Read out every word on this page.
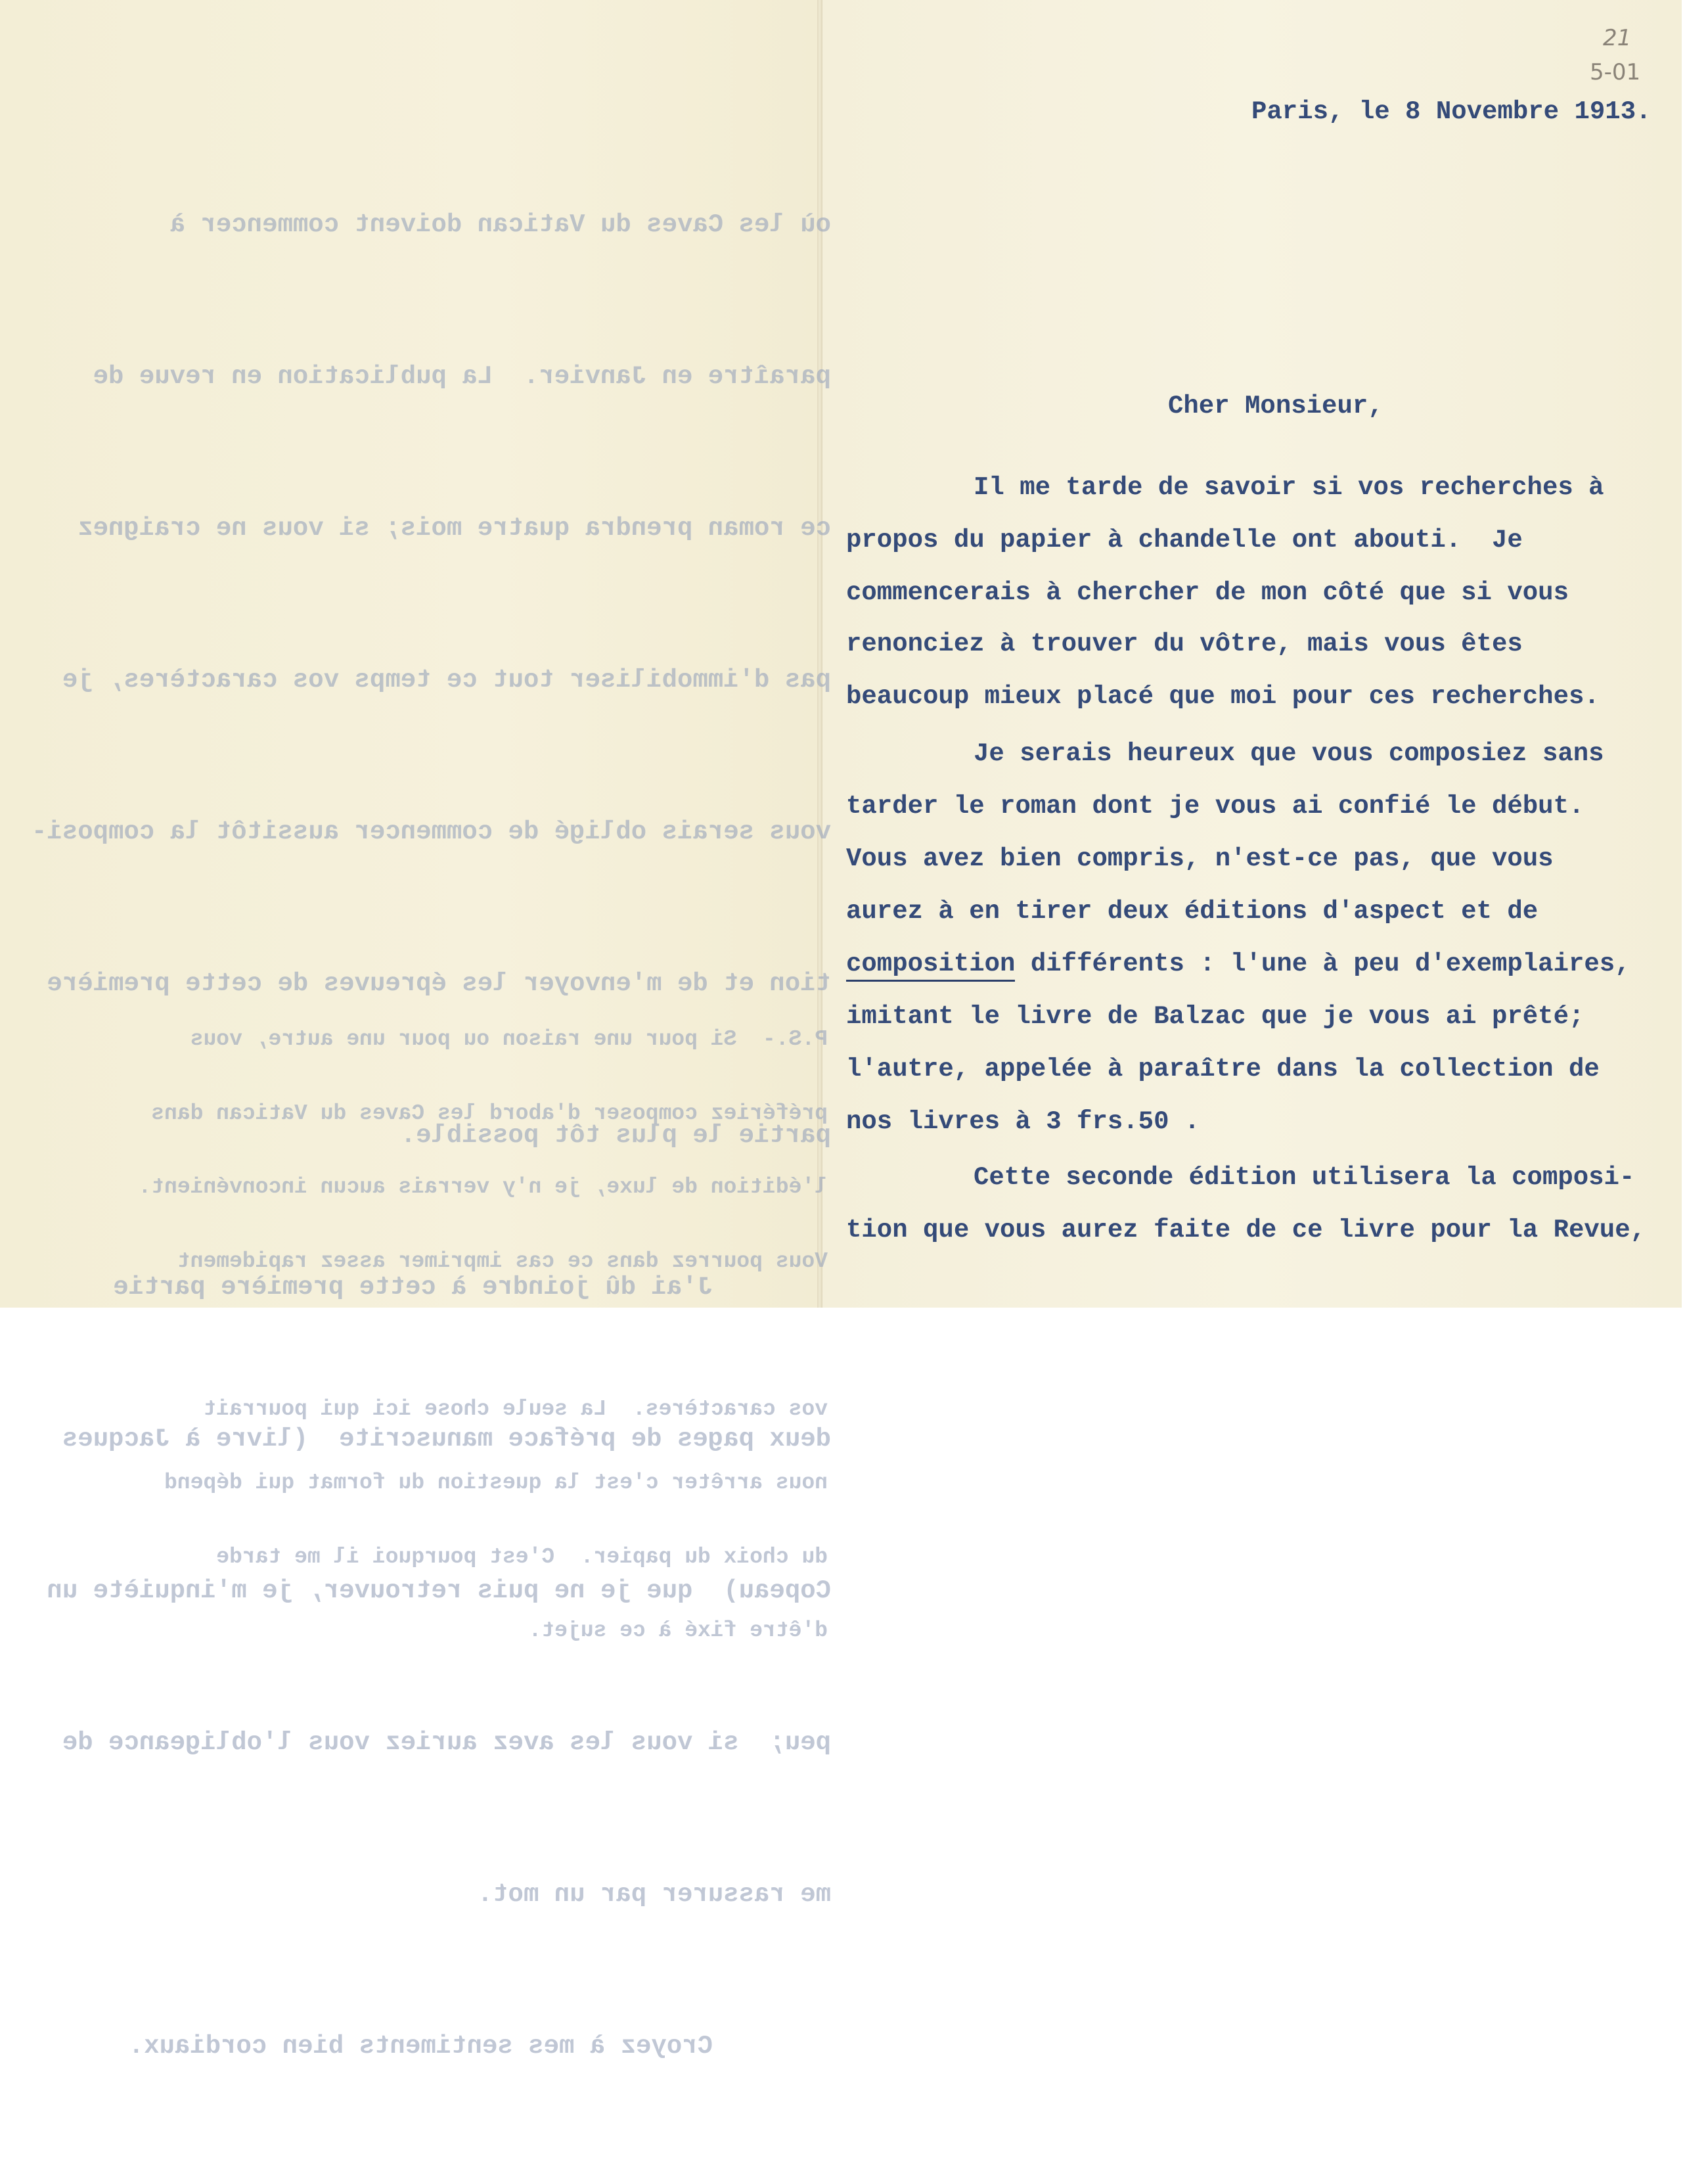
où les Caves du Vatican doivent commencer à

paraître en Janvier.  La publication en revue de

ce roman prendra quatre mois; si vous ne craignez

pas d'immobiliser tout ce temps vos caractères, je

vous serais obligé de commencer aussitôt la composi-

tion et de m'envoyer les épreuves de cette première

partie le plus tôt possible.

J'ai dû joindre à cette première partie

deux pages de préface manuscrite  (livre à Jacques

Copeau)  que je ne puis retrouver, je m'inquiète un

peu;  si vous les avez auriez vous l'obligeance de

me rassurer par un mot.

Croyez à mes sentiments bien cordiaux.

P.S.-  Si pour une raison ou pour une autre, vous

préfériez composer d'abord les Caves du Vatican dans

l'édition de luxe, je n'y verrais aucun inconvénient.

Vous pourrez dans ce cas imprimer assez rapidement

vos caractères.  La seule chose ici qui pourrait

nous arrêter c'est la question du format qui dépend

du choix du papier.  C'est pourquoi il me tarde

d'être fixé à ce sujet.

21
5-01
Paris, le 8 Novembre 1913.
Cher Monsieur,
Il me tarde de savoir si vos recherches à
propos du papier à chandelle ont abouti.  Je
commencerais à chercher de mon côté que si vous
renonciez à trouver du vôtre, mais vous êtes
beaucoup mieux placé que moi pour ces recherches.
Je serais heureux que vous composiez sans
tarder le roman dont je vous ai confié le début.
Vous avez bien compris, n'est-ce pas, que vous
aurez à en tirer deux éditions d'aspect et de
composition différents : l'une à peu d'exemplaires,
imitant le livre de Balzac que je vous ai prêté;
l'autre, appelée à paraître dans la collection de
nos livres à 3 frs.50 .
Cette seconde édition utilisera la composi-
tion que vous aurez faite de ce livre pour la Revue,
